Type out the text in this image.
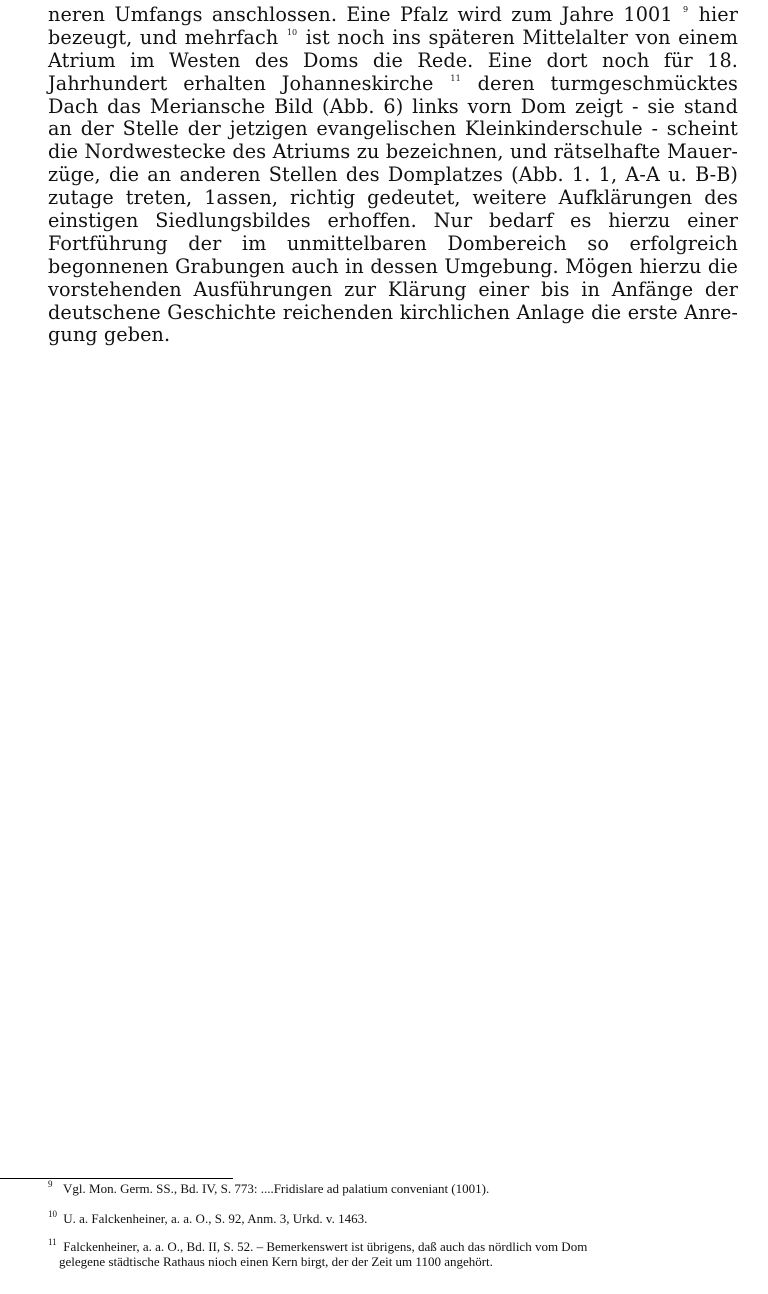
neren Umfangs anschlossen. Eine Pfalz wird zum Jahre 1001 $^9$ hier
bezeugt, und mehrfach $^{10}$ ist noch ins späteren Mittelalter von einem
Atrium im Westen des Doms die Rede. Eine dort noch für 18.
Jahrhundert erhalten Johanneskirche $^{11}$ deren turmgeschmücktes
Dach das Meriansche Bild (Abb. 6) links vorn Dom zeigt - sie stand
an der Stelle der jetzigen evangelischen Kleinkinderschule - scheint
die Nordwestecke des Atriums zu bezeichnen, und rätselhafte Mauer-
züge, die an anderen Stellen des Domplatzes (Abb. 1. 1, A-A u. B-B)
zutage treten, 1assen, richtig gedeutet, weitere Aufklärungen des
einstigen Siedlungsbildes erhoffen. Nur bedarf es hierzu einer
Fortführung der im unmittelbaren Dombereich so erfolgreich
begonnenen Grabungen auch in dessen Umgebung. Mögen hierzu die
vorstehenden Ausführungen zur Klärung einer bis in Anfänge der
deutschene Geschichte reichenden kirchlichen Anlage die erste Anre-
gung geben.
9 Vgl. Mon. Germ. SS., Bd. IV, S. 773: ....Fridislare ad palatium conveniant (1001).
10 U. a. Falckenheiner, a. a. O., S. 92, Anm. 3, Urkd. v. 1463.
11 Falckenheiner, a. a. O., Bd. II, S. 52. – Bemerkenswert ist übrigens, daß auch das nördlich vom Dom
gelegene städtische Rathaus nioch einen Kern birgt, der der Zeit um 1100 angehört.
